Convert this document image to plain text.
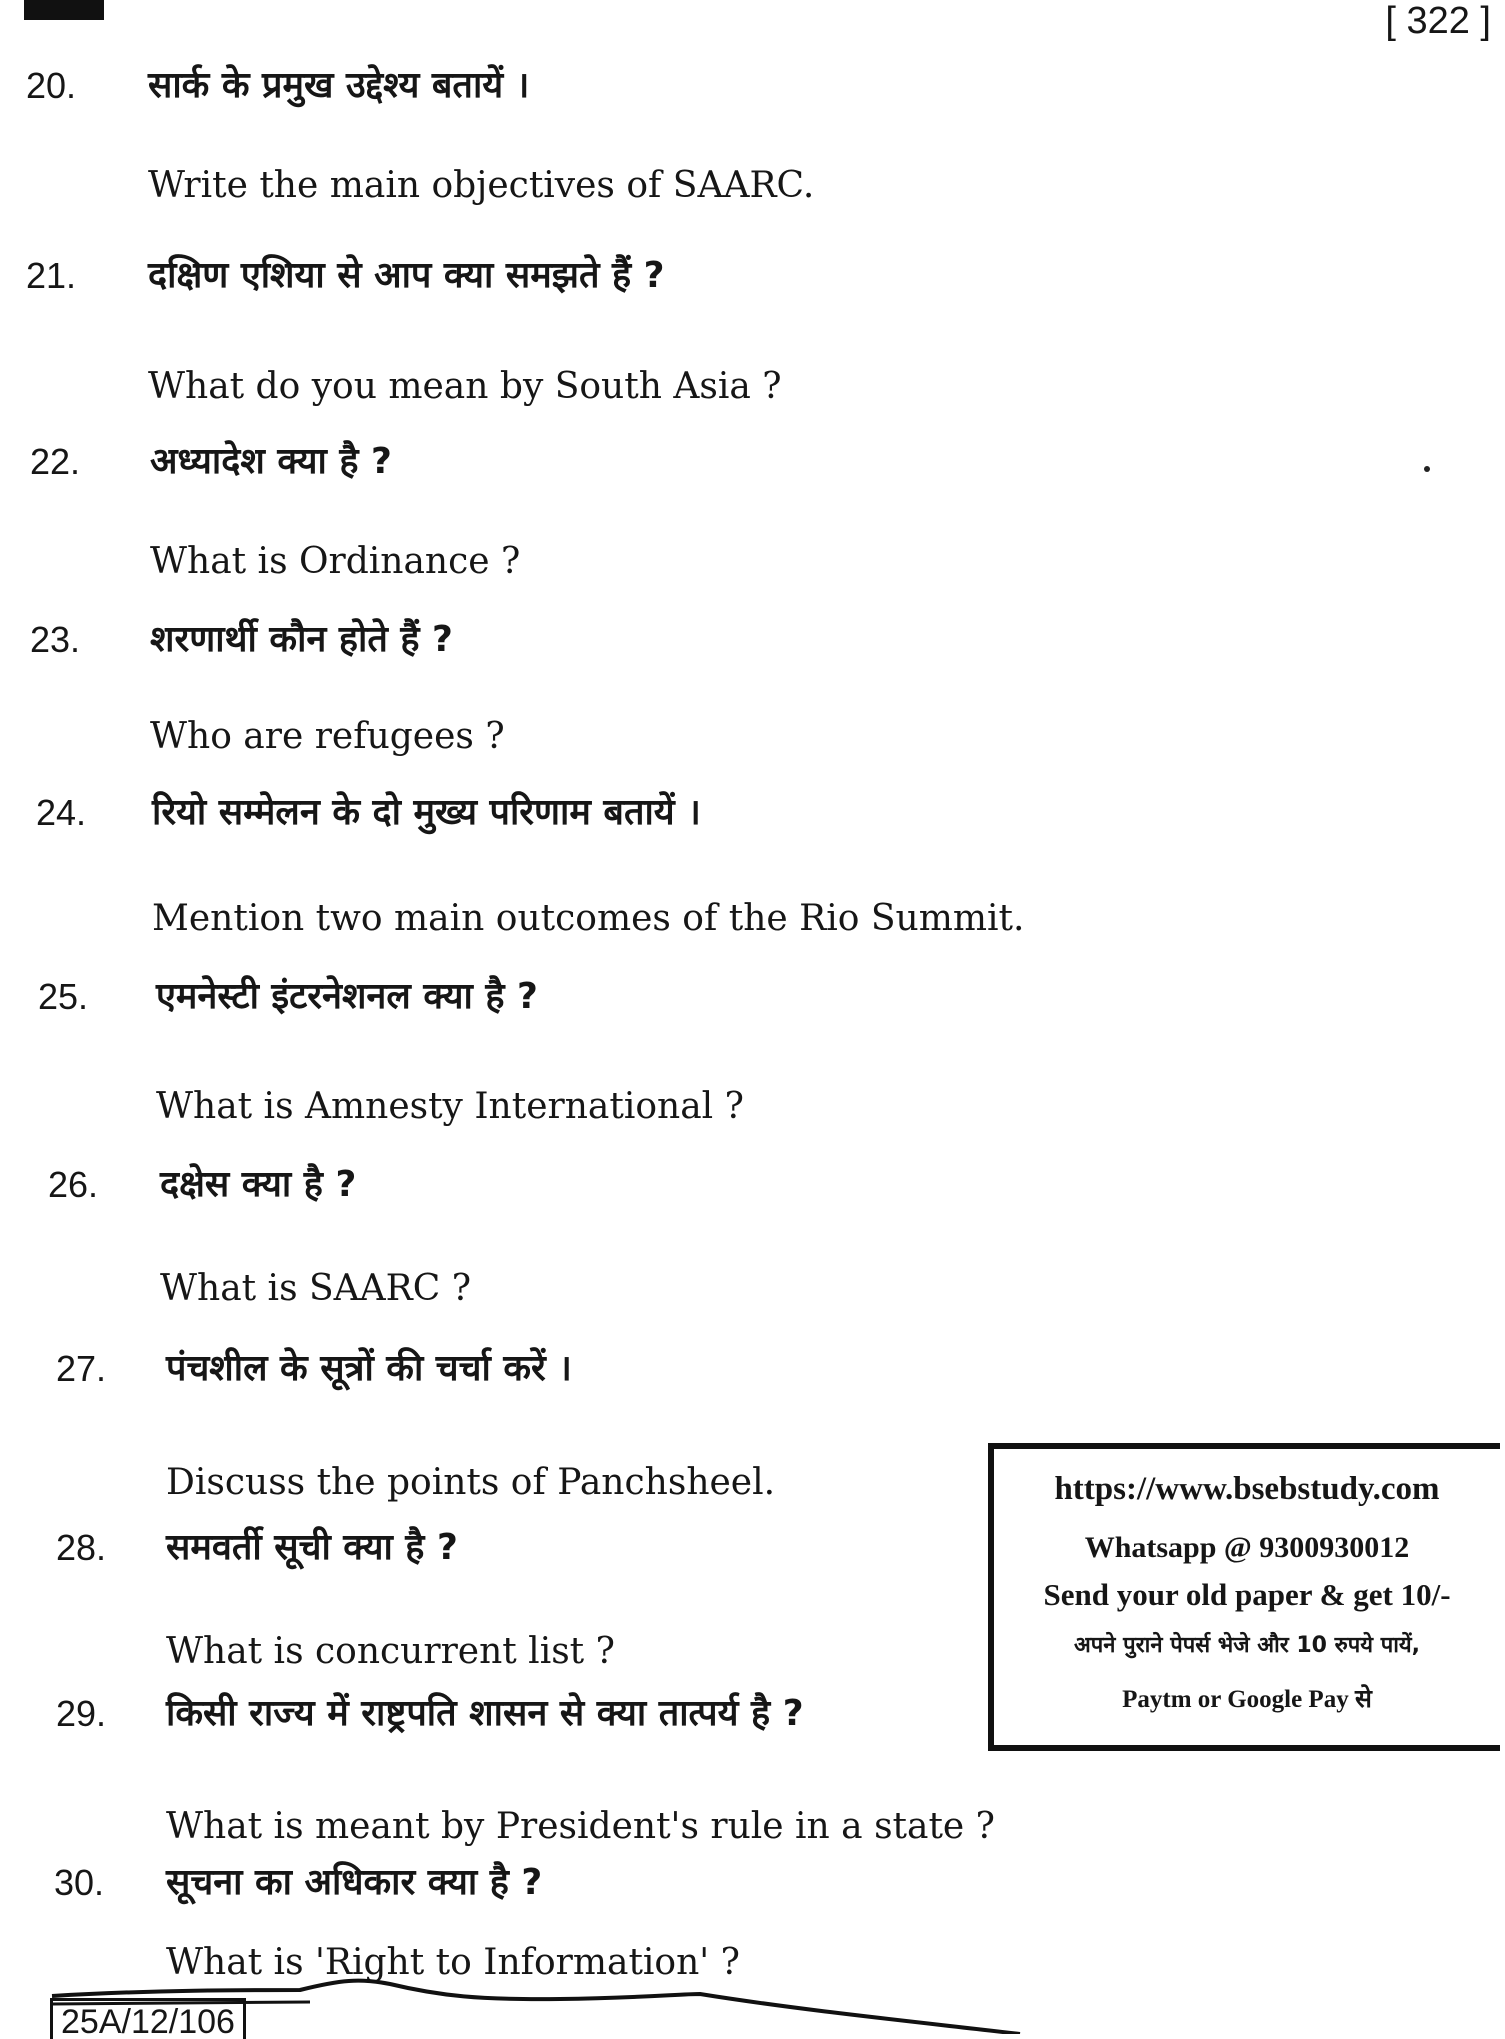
[ 322 ]
20. सार्क के प्रमुख उद्देश्य बतायें ।
Write the main objectives of SAARC.
21. दक्षिण एशिया से आप क्या समझते हैं ?
What do you mean by South Asia ?
22. अध्यादेश क्या है ?
What is Ordinance ?
23. शरणार्थी कौन होते हैं ?
Who are refugees ?
24. रियो सम्मेलन के दो मुख्य परिणाम बतायें ।
Mention two main outcomes of the Rio Summit.
25. एमनेस्टी इंटरनेशनल क्या है ?
What is Amnesty International ?
26. दक्षेस क्या है ?
What is SAARC ?
27. पंचशील के सूत्रों की चर्चा करें ।
Discuss the points of Panchsheel.
28. समवर्ती सूची क्या है ?
What is concurrent list ?
29. किसी राज्य में राष्ट्रपति शासन से क्या तात्पर्य है ?
What is meant by President's rule in a state ?
30. सूचना का अधिकार क्या है ?
What is 'Right to Information' ?
https://www.bsebstudy.com
Whatsapp @ 9300930012
Send your old paper & get 10/-
अपने पुराने पेपर्स भेजे और 10 रुपये पायें,
Paytm or Google Pay से
25A/12/106
